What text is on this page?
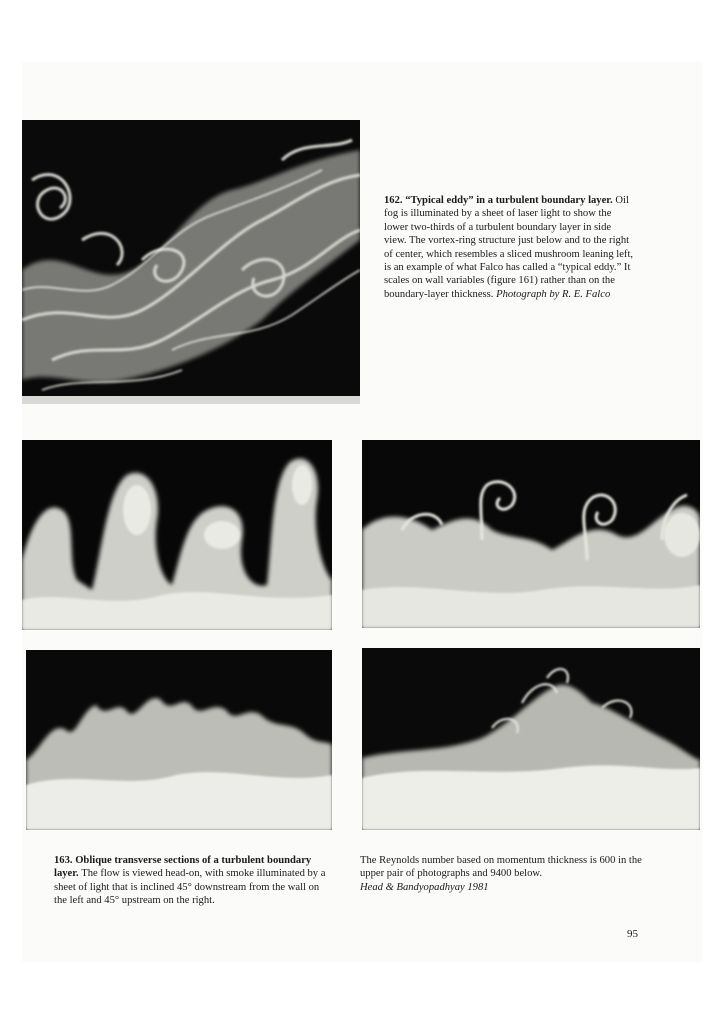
162. “Typical eddy” in a turbulent boundary layer. Oil fog is illuminated by a sheet of laser light to show the lower two-thirds of a turbulent boundary layer in side view. The vortex-ring structure just below and to the right of center, which resembles a sliced mushroom leaning left, is an example of what Falco has called a “typical eddy.” It scales on wall variables (figure 161) rather than on the boundary-layer thickness. Photograph by R. E. Falco
163. Oblique transverse sections of a turbulent boundary layer. The flow is viewed head-on, with smoke illuminated by a sheet of light that is inclined 45° downstream from the wall on the left and 45° upstream on the right.
The Reynolds number based on momentum thickness is 600 in the upper pair of photographs and 9400 below.
Head & Bandyopadhyay 1981
95
